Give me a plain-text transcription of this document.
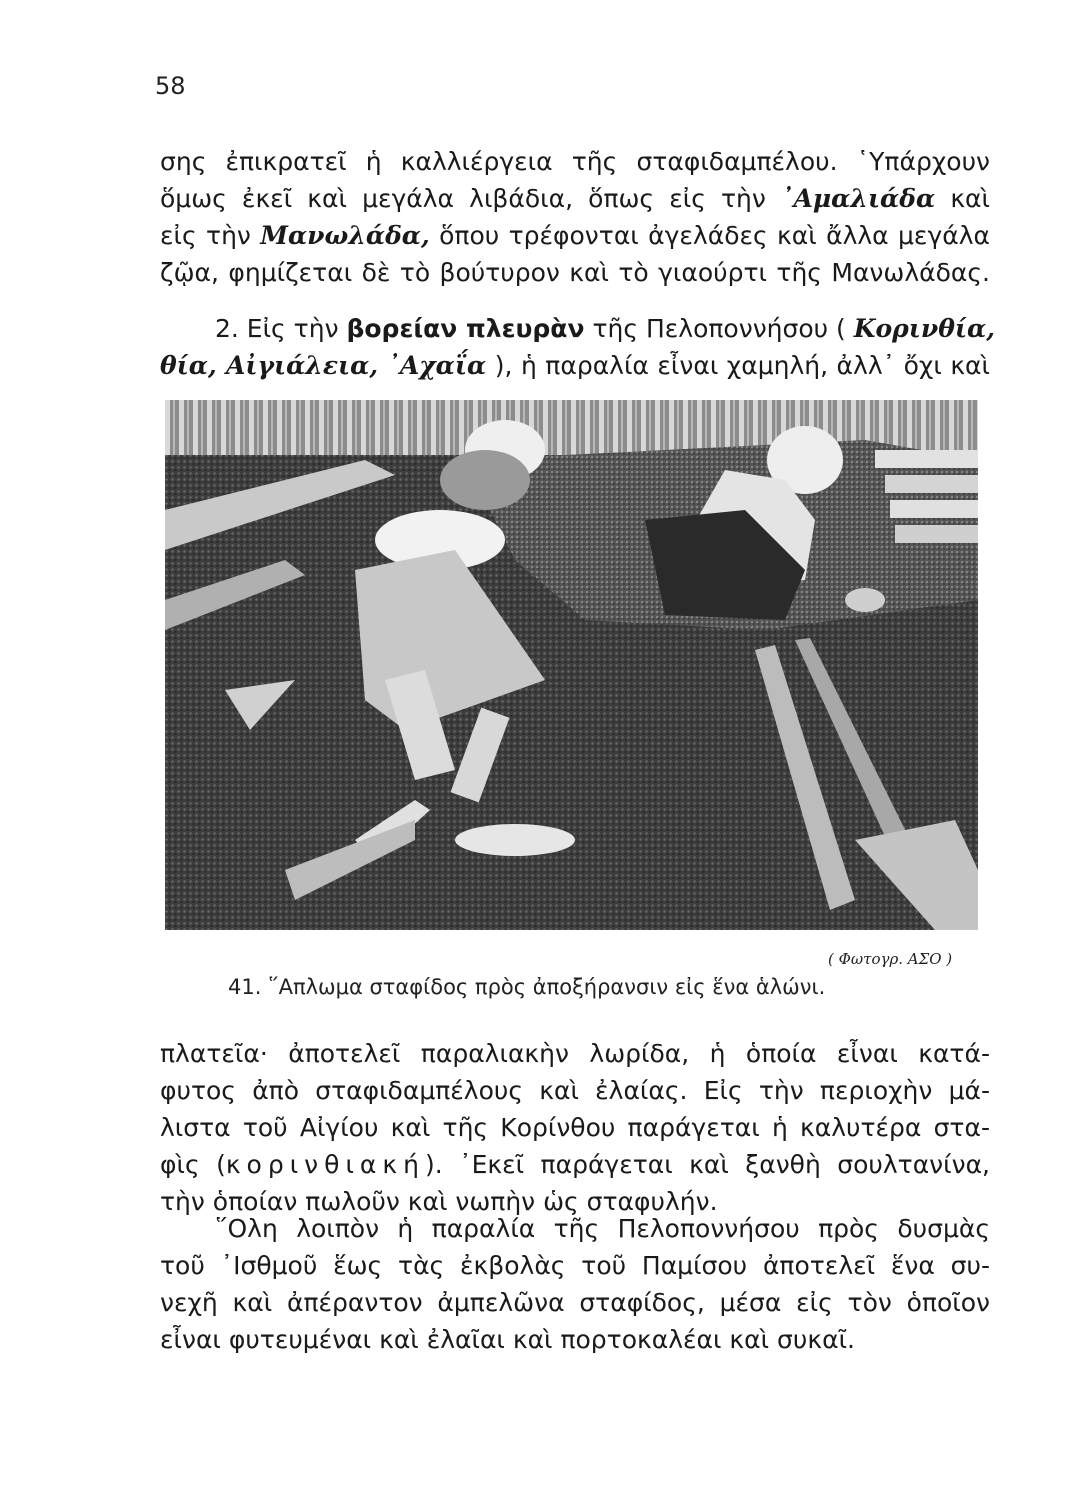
58
σης ἐπικρατεῖ ἡ καλλιέργεια τῆς σταφιδαμπέλου. ῾Υπάρχουν
ὅμως ἐκεῖ καὶ μεγάλα λιβάδια, ὅπως εἰς τὴν ᾿Αμαλιάδα καὶ
εἰς τὴν Μανωλάδα, ὅπου τρέφονται ἀγελάδες καὶ ἄλλα μεγάλα
ζῷα, φημίζεται δὲ τὸ βούτυρον καὶ τὸ γιαούρτι τῆς Μανωλάδας.
2. Εἰς τὴν βορείαν πλευρὰν τῆς Πελοποννήσου ( Κορινθία,
θία, Αἰγιάλεια, ᾿Αχαΐα ), ἡ παραλία εἶναι χαμηλή, ἀλλ᾿ ὄχι καὶ
( Φωτογρ. ΑΣΟ )
41. ῞Απλωμα σταφίδος πρὸς ἀποξήρανσιν εἰς ἕνα ἁλώνι.
πλατεῖα· ἀποτελεῖ παραλιακὴν λωρίδα, ἡ ὁποία εἶναι κατά-
φυτος ἀπὸ σταφιδαμπέλους καὶ ἐλαίας. Εἰς τὴν περιοχὴν μά-
λιστα τοῦ Αἰγίου καὶ τῆς Κορίνθου παράγεται ἡ καλυτέρα στα-
φὶς (κορινθιακή). ᾿Εκεῖ παράγεται καὶ ξανθὴ σουλτανίνα,
τὴν ὁποίαν πωλοῦν καὶ νωπὴν ὡς σταφυλήν.
῞Ολη λοιπὸν ἡ παραλία τῆς Πελοποννήσου πρὸς δυσμὰς
τοῦ ᾿Ισθμοῦ ἕως τὰς ἐκβολὰς τοῦ Παμίσου ἀποτελεῖ ἕνα συ-
νεχῆ καὶ ἀπέραντον ἀμπελῶνα σταφίδος, μέσα εἰς τὸν ὁποῖον
εἶναι φυτευμέναι καὶ ἐλαῖαι καὶ πορτοκαλέαι καὶ συκαῖ.
